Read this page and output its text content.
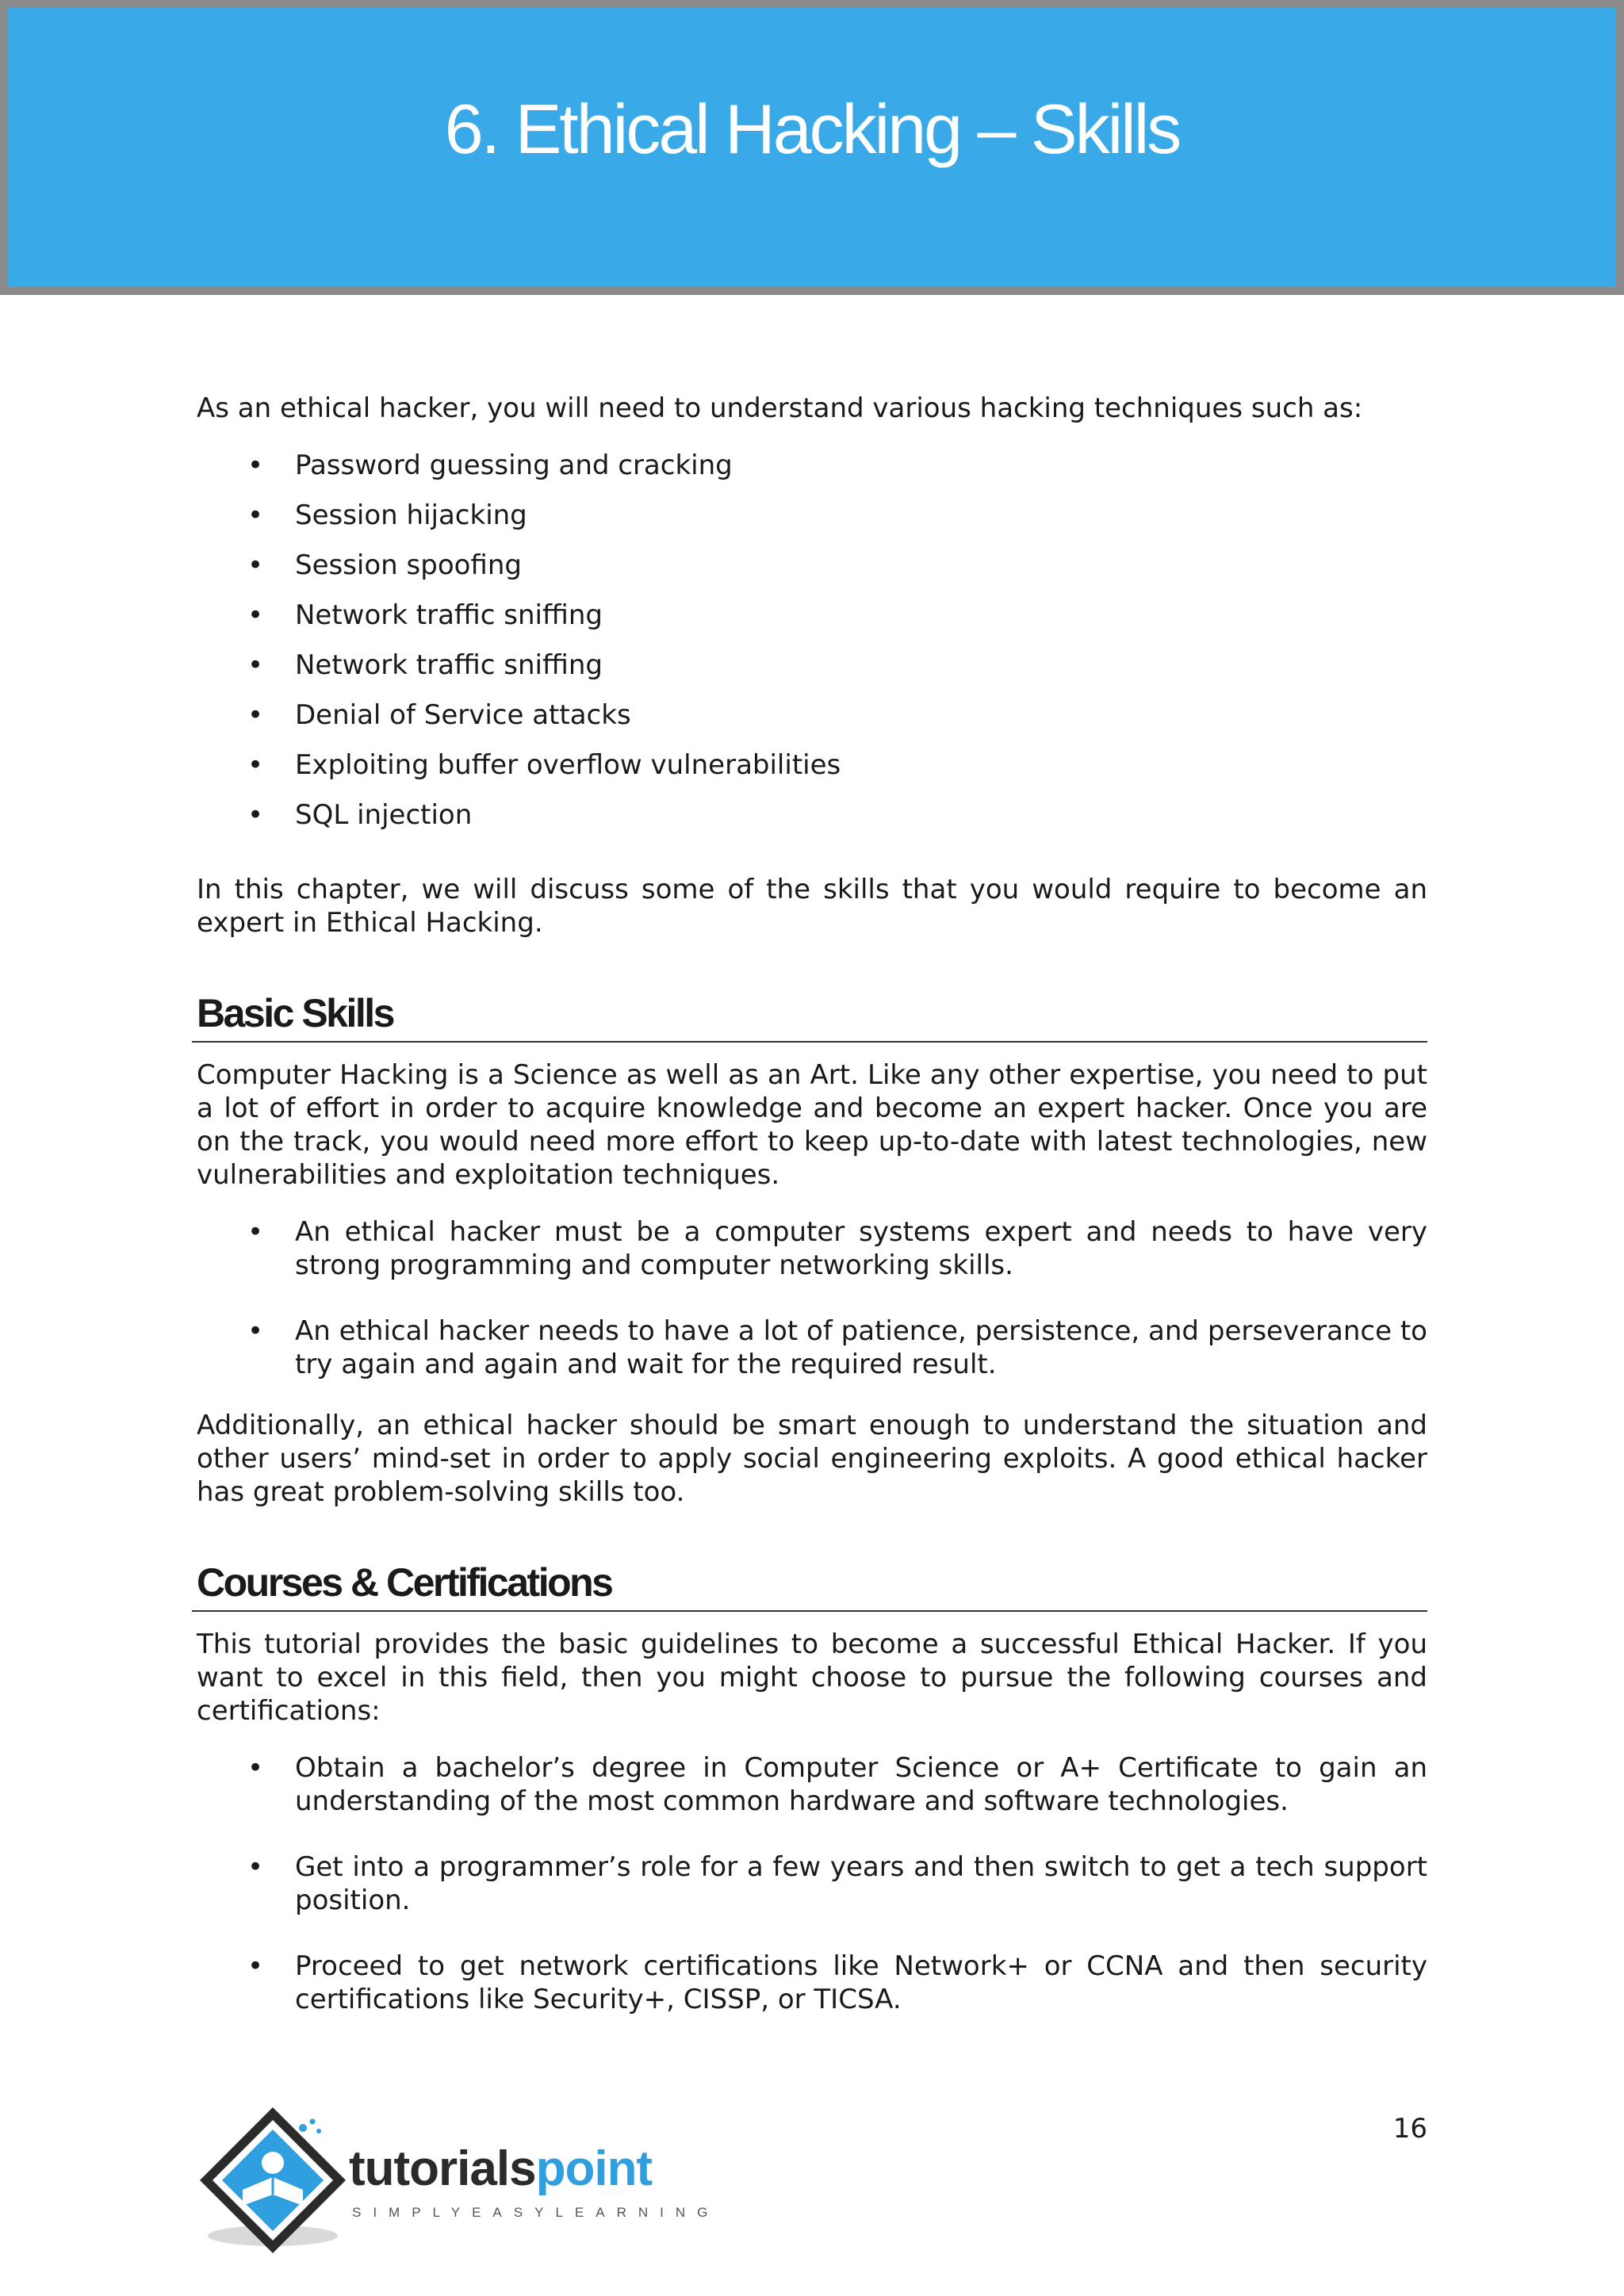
6. Ethical Hacking – Skills

As an ethical hacker, you will need to understand various hacking techniques such as:

• Password guessing and cracking
• Session hijacking
• Session spoofing
• Network traffic sniffing
• Network traffic sniffing
• Denial of Service attacks
• Exploiting buffer overflow vulnerabilities
• SQL injection

In this chapter, we will discuss some of the skills that you would require to become an expert in Ethical Hacking.

Basic Skills

Computer Hacking is a Science as well as an Art. Like any other expertise, you need to put a lot of effort in order to acquire knowledge and become an expert hacker. Once you are on the track, you would need more effort to keep up-to-date with latest technologies, new vulnerabilities and exploitation techniques.

• An ethical hacker must be a computer systems expert and needs to have very strong programming and computer networking skills.
• An ethical hacker needs to have a lot of patience, persistence, and perseverance to try again and again and wait for the required result.

Additionally, an ethical hacker should be smart enough to understand the situation and other users’ mind-set in order to apply social engineering exploits. A good ethical hacker has great problem-solving skills too.

Courses & Certifications

This tutorial provides the basic guidelines to become a successful Ethical Hacker. If you want to excel in this field, then you might choose to pursue the following courses and certifications:

• Obtain a bachelor’s degree in Computer Science or A+ Certificate to gain an understanding of the most common hardware and software technologies.
• Get into a programmer’s role for a few years and then switch to get a tech support position.
• Proceed to get network certifications like Network+ or CCNA and then security certifications like Security+, CISSP, or TICSA.
16
tutorialspoint
SIMPLYEASYLEARNING
